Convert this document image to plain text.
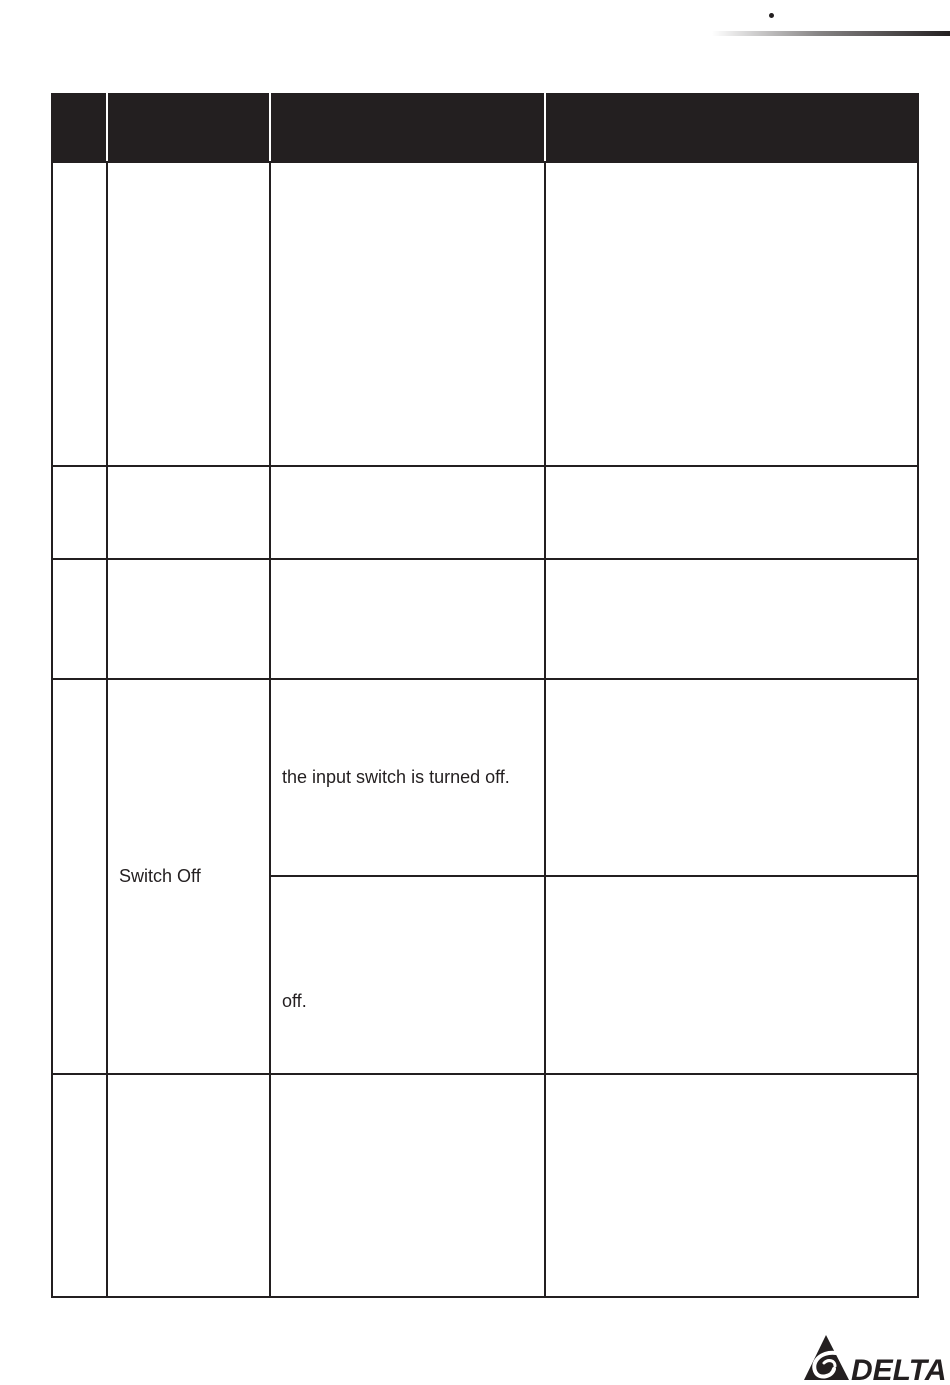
	Switch Off	the input switch is turned off.	

		off.	

DELTA
